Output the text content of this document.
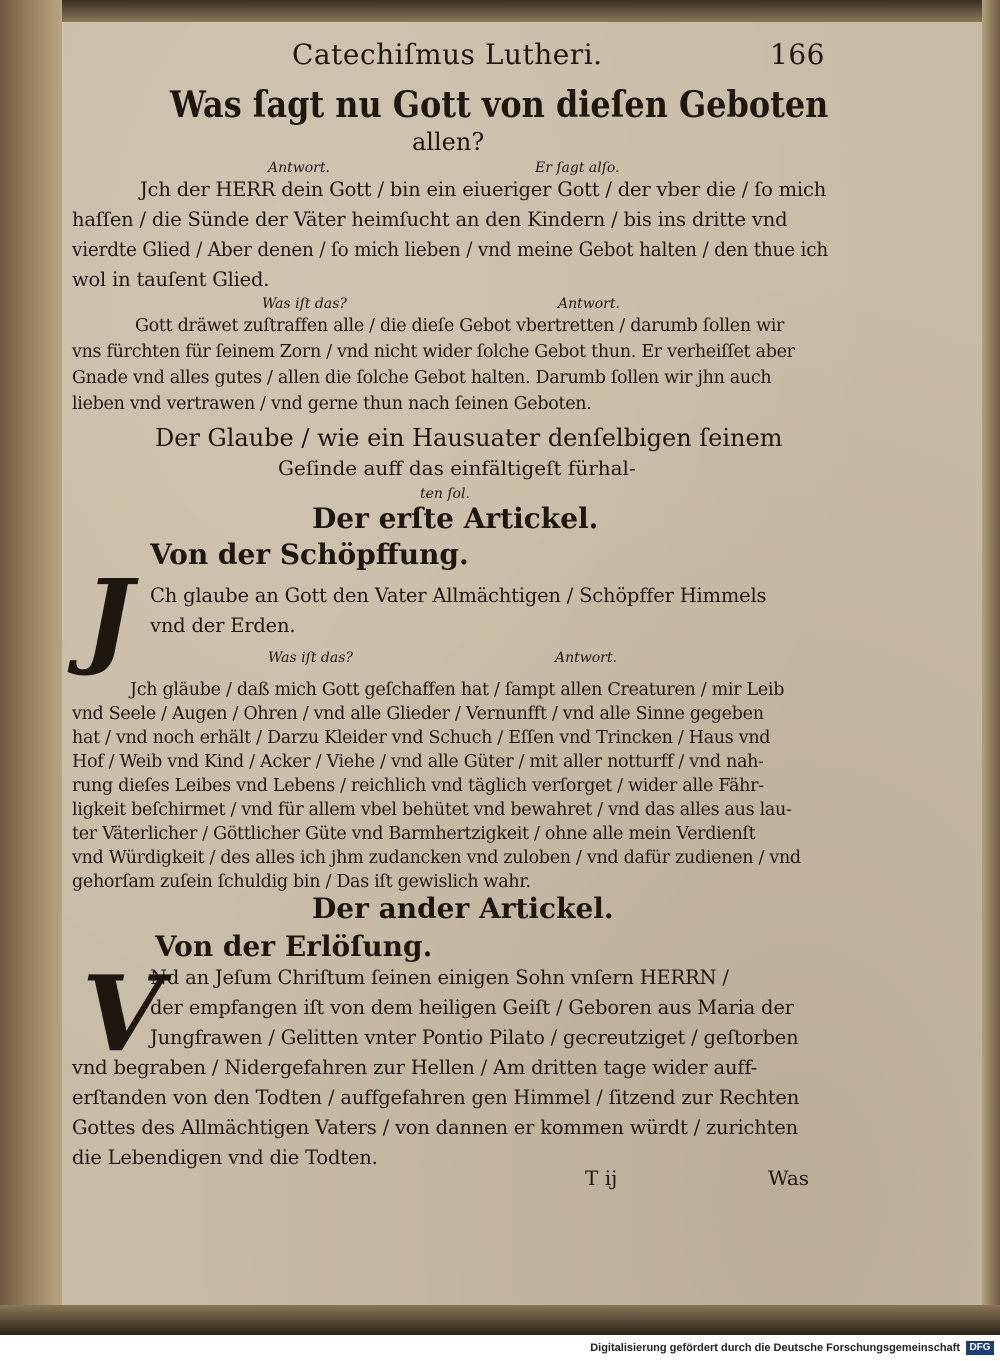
Catechiſmus Lutheri.	166

Was ſagt nu Gott von dieſen Geboten

allen?

Antwort.	Er ſagt alſo.

Jch der HERR dein Gott / bin ein eiueriger Gott / der vber die / ſo mich

haſſen / die Sünde der Väter heimſucht an den Kindern / bis ins dritte vnd

vierdte Glied / Aber denen / ſo mich lieben / vnd meine Gebot halten / den thue ich

wol in tauſent Glied.

Was iſt das?	Antwort.

Gott dräwet zuſtraffen alle / die dieſe Gebot vbertretten / darumb ſollen wir

vns fürchten für ſeinem Zorn / vnd nicht wider ſolche Gebot thun. Er verheiſſet aber

Gnade vnd alles gutes / allen die ſolche Gebot halten. Darumb ſollen wir jhn auch

lieben vnd vertrawen / vnd gerne thun nach ſeinen Geboten.

Der Glaube / wie ein Hausuater denſelbigen ſeinem

Geſinde auff das einfältigeſt fürhal-

ten ſol.

Der erſte Artickel.

Von der Schöpffung.

J Ch glaube an Gott den Vater Allmächtigen / Schöpffer Himmels

vnd der Erden.

Was iſt das?	Antwort.

Jch gläube / daß mich Gott geſchaffen hat / ſampt allen Creaturen / mir Leib

vnd Seele / Augen / Ohren / vnd alle Glieder / Vernunfft / vnd alle Sinne gegeben

hat / vnd noch erhält / Darzu Kleider vnd Schuch / Eſſen vnd Trincken / Haus vnd

Hof / Weib vnd Kind / Acker / Viehe / vnd alle Güter / mit aller notturff / vnd nah-

rung dieſes Leibes vnd Lebens / reichlich vnd täglich verſorget / wider alle Fähr-

ligkeit beſchirmet / vnd für allem vbel behütet vnd bewahret / vnd das alles aus lau-

ter Väterlicher / Göttlicher Güte vnd Barmhertzigkeit / ohne alle mein Verdienſt

vnd Würdigkeit / des alles ich jhm zudancken vnd zuloben / vnd dafür zudienen / vnd

gehorſam zuſein ſchuldig bin / Das iſt gewislich wahr.

Der ander Artickel.

Von der Erlöſung.

V

Nd an Jeſum Chriſtum ſeinen einigen Sohn vnſern HERRN /

der empfangen iſt von dem heiligen Geiſt / Geboren aus Maria der

Jungfrawen / Gelitten vnter Pontio Pilato / gecreutziget / geſtorben

vnd begraben / Nidergefahren zur Hellen / Am dritten tage wider auff-

erſtanden von den Todten / auffgefahren gen Himmel / ſitzend zur Rechten

Gottes des Allmächtigen Vaters / von dannen er kommen würdt / zurichten

die Lebendigen vnd die Todten.

T ij	Was

Digitalisierung gefördert durch die Deutsche Forschungsgemeinschaft DFG
